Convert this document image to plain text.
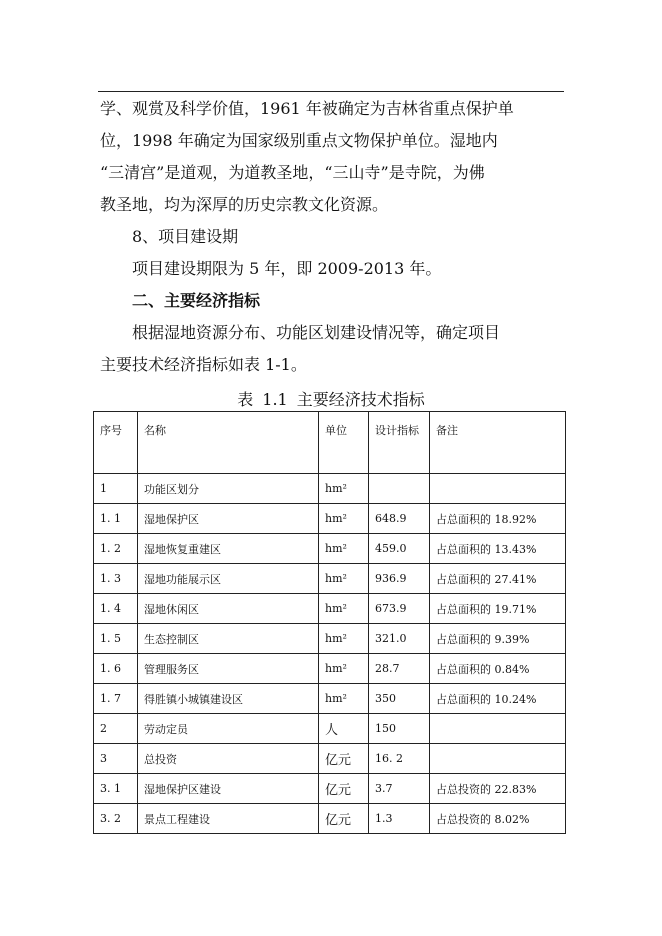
学、观赏及科学价值，1961 年被确定为吉林省重点保护单
位，1998 年确定为国家级别重点文物保护单位。湿地内
“三清宫”是道观，为道教圣地，“三山寺”是寺院，为佛
教圣地，均为深厚的历史宗教文化资源。
8、项目建设期
项目建设期限为 5 年，即 2009-2013 年。
二、主要经济指标
根据湿地资源分布、功能区划建设情况等，确定项目
主要技术经济指标如表 1-1。
表 1.1 主要经济技术指标
序号	名称	单位	设计指标	备注
1	功能区划分	hm²		
1. 1	湿地保护区	hm²	648.9	占总面积的 18.92%
1. 2	湿地恢复重建区	hm²	459.0	占总面积的 13.43%
1. 3	湿地功能展示区	hm²	936.9	占总面积的 27.41%
1. 4	湿地休闲区	hm²	673.9	占总面积的 19.71%
1. 5	生态控制区	hm²	321.0	占总面积的 9.39%
1. 6	管理服务区	hm²	28.7	占总面积的 0.84%
1. 7	得胜镇小城镇建设区	hm²	350	占总面积的 10.24%
2	劳动定员	人	150	
3	总投资	亿元	16. 2	
3. 1	湿地保护区建设	亿元	3.7	占总投资的 22.83%
3. 2	景点工程建设	亿元	1.3	占总投资的 8.02%
